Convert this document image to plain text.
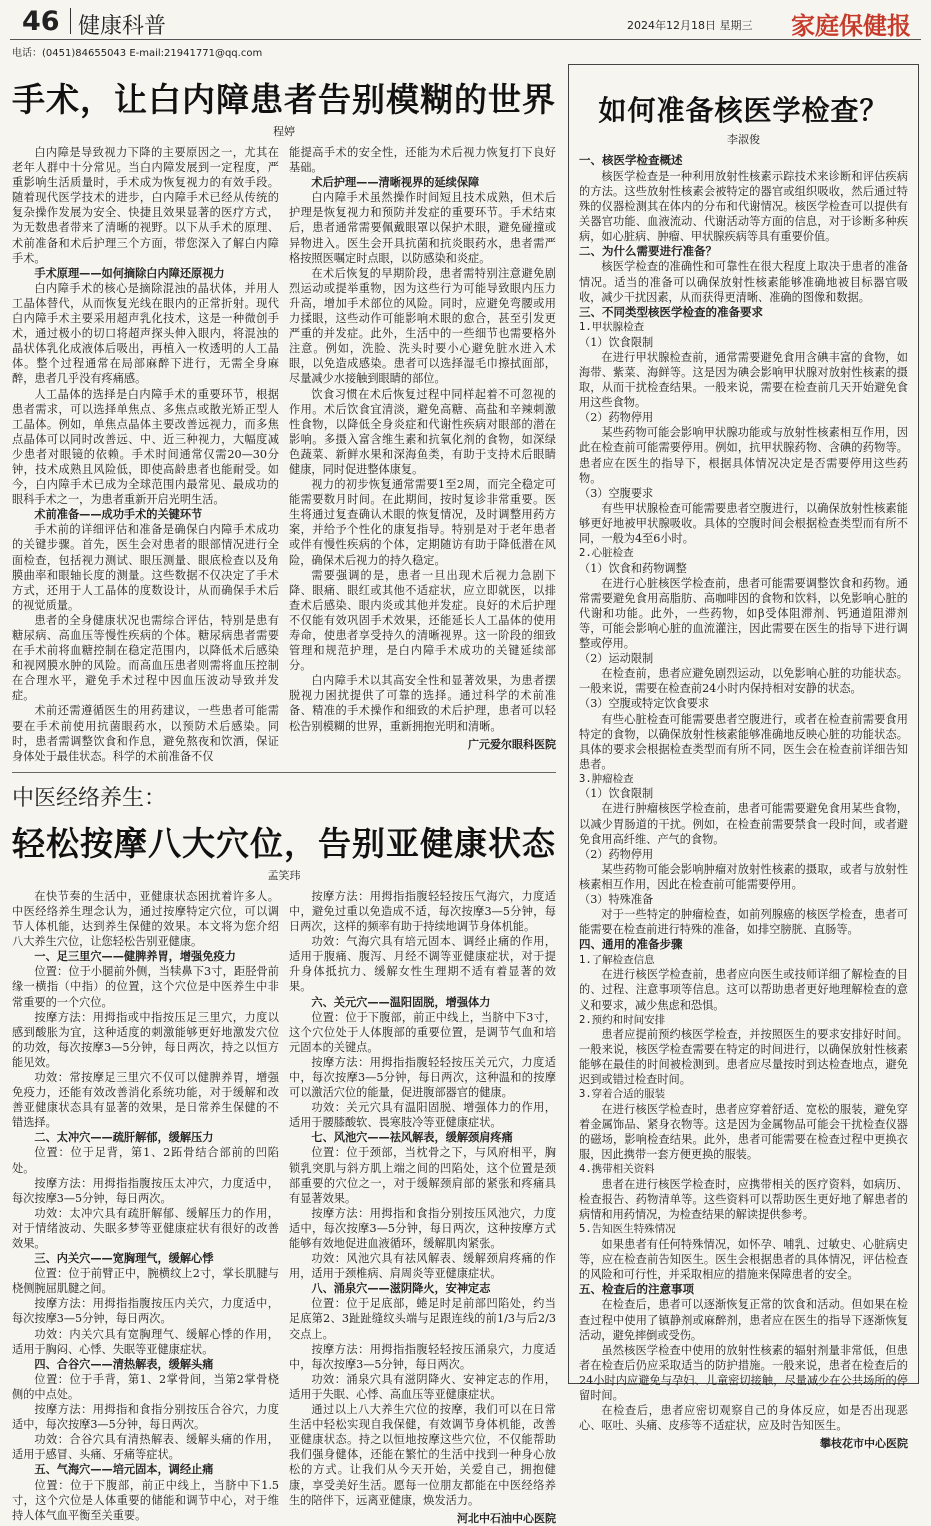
46 健康科普	2024年12月18日 星期三 家庭保健报
电话：(0451)84655043 E-mail:21941771@qq.com
手术，让白内障患者告别模糊的世界
程婷

白内障是导致视力下降的主要原因之一，尤其在老年人群中十分常见。当白内障发展到一定程度，严重影响生活质量时，手术成为恢复视力的有效手段。随着现代医学技术的进步，白内障手术已经从传统的复杂操作发展为安全、快捷且效果显著的医疗方式，为无数患者带来了清晰的视野。以下从手术的原理、术前准备和术后护理三个方面，带您深入了解白内障手术。

手术原理——如何摘除白内障还原视力

白内障手术的核心是摘除混浊的晶状体，并用人工晶体替代，从而恢复光线在眼内的正常折射。现代白内障手术主要采用超声乳化技术，这是一种微创手术，通过极小的切口将超声探头伸入眼内，将混浊的晶状体乳化成液体后吸出，再植入一枚透明的人工晶体。整个过程通常在局部麻醉下进行，无需全身麻醉，患者几乎没有疼痛感。

人工晶体的选择是白内障手术的重要环节，根据患者需求，可以选择单焦点、多焦点或散光矫正型人工晶体。例如，单焦点晶体主要改善远视力，而多焦点晶体可以同时改善远、中、近三种视力，大幅度减少患者对眼镜的依赖。手术时间通常仅需20—30分钟，技术成熟且风险低，即使高龄患者也能耐受。如今，白内障手术已成为全球范围内最常见、最成功的眼科手术之一，为患者重新开启光明生活。

术前准备——成功手术的关键环节

手术前的详细评估和准备是确保白内障手术成功的关键步骤。首先，医生会对患者的眼部情况进行全面检查，包括视力测试、眼压测量、眼底检查以及角膜曲率和眼轴长度的测量。这些数据不仅决定了手术方式，还用于人工晶体的度数设计，从而确保手术后的视觉质量。

患者的全身健康状况也需综合评估，特别是患有糖尿病、高血压等慢性疾病的个体。糖尿病患者需要在手术前将血糖控制在稳定范围内，以降低术后感染和视网膜水肿的风险。而高血压患者则需将血压控制在合理水平，避免手术过程中因血压波动导致并发症。

术前还需遵循医生的用药建议，一些患者可能需要在手术前使用抗菌眼药水，以预防术后感染。同时，患者需调整饮食和作息，避免熬夜和饮酒，保证身体处于最佳状态。科学的术前准备不仅

能提高手术的安全性，还能为术后视力恢复打下良好基础。

术后护理——清晰视界的延续保障

白内障手术虽然操作时间短且技术成熟，但术后护理是恢复视力和预防并发症的重要环节。手术结束后，患者通常需要佩戴眼罩以保护术眼，避免碰撞或异物进入。医生会开具抗菌和抗炎眼药水，患者需严格按照医嘱定时点眼，以防感染和炎症。

在术后恢复的早期阶段，患者需特别注意避免剧烈运动或提举重物，因为这些行为可能导致眼内压力升高，增加手术部位的风险。同时，应避免弯腰或用力揉眼，这些动作可能影响术眼的愈合，甚至引发更严重的并发症。此外，生活中的一些细节也需要格外注意。例如，洗脸、洗头时要小心避免脏水进入术眼，以免造成感染。患者可以选择湿毛巾擦拭面部，尽量减少水接触到眼睛的部位。

饮食习惯在术后恢复过程中同样起着不可忽视的作用。术后饮食宜清淡，避免高糖、高盐和辛辣刺激性食物，以降低全身炎症和代谢性疾病对眼部的潜在影响。多摄入富含维生素和抗氧化剂的食物，如深绿色蔬菜、新鲜水果和深海鱼类，有助于支持术后眼睛健康，同时促进整体康复。

视力的初步恢复通常需要1至2周，而完全稳定可能需要数月时间。在此期间，按时复诊非常重要。医生将通过复查确认术眼的恢复情况，及时调整用药方案，并给予个性化的康复指导。特别是对于老年患者或伴有慢性疾病的个体，定期随访有助于降低潜在风险，确保术后视力的持久稳定。

需要强调的是，患者一旦出现术后视力急剧下降、眼痛、眼红或其他不适症状，应立即就医，以排查术后感染、眼内炎或其他并发症。良好的术后护理不仅能有效巩固手术效果，还能延长人工晶体的使用寿命，使患者享受持久的清晰视界。这一阶段的细致管理和规范护理，是白内障手术成功的关键延续部分。

白内障手术以其高安全性和显著效果，为患者摆脱视力困扰提供了可靠的选择。通过科学的术前准备、精准的手术操作和细致的术后护理，患者可以轻松告别模糊的世界，重新拥抱光明和清晰。

广元爱尔眼科医院
中医经络养生：
轻松按摩八大穴位，告别亚健康状态
孟笑玮

在快节奏的生活中，亚健康状态困扰着许多人。中医经络养生理念认为，通过按摩特定穴位，可以调节人体机能，达到养生保健的效果。本文将为您介绍八大养生穴位，让您轻松告别亚健康。

一、足三里穴——健脾养胃，增强免疫力

位置：位于小腿前外侧，当犊鼻下3寸，距胫骨前缘一横指（中指）的位置，这个穴位是中医养生中非常重要的一个穴位。

按摩方法：用拇指或中指按压足三里穴，力度以感到酸胀为宜，这种适度的刺激能够更好地激发穴位的功效，每次按摩3—5分钟，每日两次，持之以恒方能见效。

功效：常按摩足三里穴不仅可以健脾养胃，增强免疫力，还能有效改善消化系统功能，对于缓解和改善亚健康状态具有显著的效果，是日常养生保健的不错选择。

二、太冲穴——疏肝解郁，缓解压力

位置：位于足背，第1、2跖骨结合部前的凹陷处。

按摩方法：用拇指指腹按压太冲穴，力度适中，每次按摩3—5分钟，每日两次。

功效：太冲穴具有疏肝解郁、缓解压力的作用，对于情绪波动、失眠多梦等亚健康症状有很好的改善效果。

三、内关穴——宽胸理气，缓解心悸

位置：位于前臂正中，腕横纹上2寸，掌长肌腱与桡侧腕屈肌腱之间。

按摩方法：用拇指指腹按压内关穴，力度适中，每次按摩3—5分钟，每日两次。

功效：内关穴具有宽胸理气、缓解心悸的作用，适用于胸闷、心悸、失眠等亚健康症状。

四、合谷穴——清热解表，缓解头痛

位置：位于手背，第1、2掌骨间，当第2掌骨桡侧的中点处。

按摩方法：用拇指和食指分别按压合谷穴，力度适中，每次按摩3—5分钟，每日两次。

功效：合谷穴具有清热解表、缓解头痛的作用，适用于感冒、头痛、牙痛等症状。

五、气海穴——培元固本，调经止痛

位置：位于下腹部，前正中线上，当脐中下1.5寸，这个穴位是人体重要的储能和调节中心，对于维持人体气血平衡至关重要。

按摩方法：用拇指指腹轻轻按压气海穴，力度适中，避免过重以免造成不适，每次按摩3—5分钟，每日两次，这样的频率有助于持续地调节身体机能。

功效：气海穴具有培元固本、调经止痛的作用，适用于腹痛、腹泻、月经不调等亚健康症状，对于提升身体抵抗力、缓解女性生理期不适有着显著的效果。

六、关元穴——温阳固脱，增强体力

位置：位于下腹部，前正中线上，当脐中下3寸，这个穴位处于人体腹部的重要位置，是调节气血和培元固本的关键点。

按摩方法：用拇指指腹轻轻按压关元穴，力度适中，每次按摩3—5分钟，每日两次，这种温和的按摩可以激活穴位的能量，促进腹部器官的健康。

功效：关元穴具有温阳固脱、增强体力的作用，适用于腰膝酸软、畏寒肢冷等亚健康症状。

七、风池穴——祛风解表，缓解颈肩疼痛

位置：位于颈部，当枕骨之下，与风府相平，胸锁乳突肌与斜方肌上端之间的凹陷处，这个位置是颈部重要的穴位之一，对于缓解颈肩部的紧张和疼痛具有显著效果。

按摩方法：用拇指和食指分别按压风池穴，力度适中，每次按摩3—5分钟，每日两次，这种按摩方式能够有效地促进血液循环，缓解肌肉紧张。

功效：风池穴具有祛风解表、缓解颈肩疼痛的作用，适用于颈椎病、肩周炎等亚健康症状。

八、涌泉穴——滋阴降火，安神定志

位置：位于足底部，蜷足时足前部凹陷处，约当足底第2、3趾趾缝纹头端与足跟连线的前1/3与后2/3交点上。

按摩方法：用拇指指腹轻轻按压涌泉穴，力度适中，每次按摩3—5分钟，每日两次。

功效：涌泉穴具有滋阴降火、安神定志的作用，适用于失眠、心悸、高血压等亚健康症状。

通过以上八大养生穴位的按摩，我们可以在日常生活中轻松实现自我保健，有效调节身体机能，改善亚健康状态。持之以恒地按摩这些穴位，不仅能帮助我们强身健体，还能在繁忙的生活中找到一种身心放松的方式。让我们从今天开始，关爱自己，拥抱健康，享受美好生活。愿每一位朋友都能在中医经络养生的陪伴下，远离亚健康，焕发活力。

河北中石油中心医院
如何准备核医学检查？
李淑俊
一、核医学检查概述

核医学检查是一种利用放射性核素示踪技术来诊断和评估疾病的方法。这些放射性核素会被特定的器官或组织吸收，然后通过特殊的仪器检测其在体内的分布和代谢情况。核医学检查可以提供有关器官功能、血液流动、代谢活动等方面的信息，对于诊断多种疾病，如心脏病、肿瘤、甲状腺疾病等具有重要价值。

二、为什么需要进行准备？

核医学检查的准确性和可靠性在很大程度上取决于患者的准备情况。适当的准备可以确保放射性核素能够准确地被目标器官吸收，减少干扰因素，从而获得更清晰、准确的图像和数据。

三、不同类型核医学检查的准备要求
1.甲状腺检查
（1）饮食限制

在进行甲状腺检查前，通常需要避免食用含碘丰富的食物，如海带、紫菜、海鲜等。这是因为碘会影响甲状腺对放射性核素的摄取，从而干扰检查结果。一般来说，需要在检查前几天开始避免食用这些食物。

（2）药物停用

某些药物可能会影响甲状腺功能或与放射性核素相互作用，因此在检查前可能需要停用。例如，抗甲状腺药物、含碘的药物等。患者应在医生的指导下，根据具体情况决定是否需要停用这些药物。

（3）空腹要求

有些甲状腺检查可能需要患者空腹进行，以确保放射性核素能够更好地被甲状腺吸收。具体的空腹时间会根据检查类型而有所不同，一般为4至6小时。

2.心脏检查
（1）饮食和药物调整

在进行心脏核医学检查前，患者可能需要调整饮食和药物。通常需要避免食用高脂肪、高咖啡因的食物和饮料，以免影响心脏的代谢和功能。此外，一些药物，如β受体阻滞剂、钙通道阻滞剂等，可能会影响心脏的血流灌注，因此需要在医生的指导下进行调整或停用。

（2）运动限制

在检查前，患者应避免剧烈运动，以免影响心脏的功能状态。一般来说，需要在检查前24小时内保持相对安静的状态。

（3）空腹或特定饮食要求

有些心脏检查可能需要患者空腹进行，或者在检查前需要食用特定的食物，以确保放射性核素能够准确地反映心脏的功能状态。具体的要求会根据检查类型而有所不同，医生会在检查前详细告知患者。

3.肿瘤检查
（1）饮食限制

在进行肿瘤核医学检查前，患者可能需要避免食用某些食物，以减少胃肠道的干扰。例如，在检查前需要禁食一段时间，或者避免食用高纤维、产气的食物。

（2）药物停用

某些药物可能会影响肿瘤对放射性核素的摄取，或者与放射性核素相互作用，因此在检查前可能需要停用。

（3）特殊准备

对于一些特定的肿瘤检查，如前列腺癌的核医学检查，患者可能需要在检查前进行特殊的准备，如排空膀胱、直肠等。

四、通用的准备步骤
1.了解检查信息

在进行核医学检查前，患者应向医生或技师详细了解检查的目的、过程、注意事项等信息。这可以帮助患者更好地理解检查的意义和要求，减少焦虑和恐惧。

2.预约和时间安排

患者应提前预约核医学检查，并按照医生的要求安排好时间。一般来说，核医学检查需要在特定的时间进行，以确保放射性核素能够在最佳的时间被检测到。患者应尽量按时到达检查地点，避免迟到或错过检查时间。

3.穿着合适的服装

在进行核医学检查时，患者应穿着舒适、宽松的服装，避免穿着金属饰品、紧身衣物等。这是因为金属物品可能会干扰检查仪器的磁场，影响检查结果。此外，患者可能需要在检查过程中更换衣服，因此携带一套方便更换的服装。

4.携带相关资料

患者在进行核医学检查时，应携带相关的医疗资料，如病历、检查报告、药物清单等。这些资料可以帮助医生更好地了解患者的病情和用药情况，为检查结果的解读提供参考。

5.告知医生特殊情况

如果患者有任何特殊情况，如怀孕、哺乳、过敏史、心脏病史等，应在检查前告知医生。医生会根据患者的具体情况，评估检查的风险和可行性，并采取相应的措施来保障患者的安全。

五、检查后的注意事项

在检查后，患者可以逐渐恢复正常的饮食和活动。但如果在检查过程中使用了镇静剂或麻醉剂，患者应在医生的指导下逐渐恢复活动，避免摔倒或受伤。

虽然核医学检查中使用的放射性核素的辐射剂量非常低，但患者在检查后仍应采取适当的防护措施。一般来说，患者在检查后的24小时内应避免与孕妇、儿童密切接触，尽量减少在公共场所的停留时间。

在检查后，患者应密切观察自己的身体反应，如是否出现恶心、呕吐、头痛、皮疹等不适症状，应及时告知医生。

攀枝花市中心医院
